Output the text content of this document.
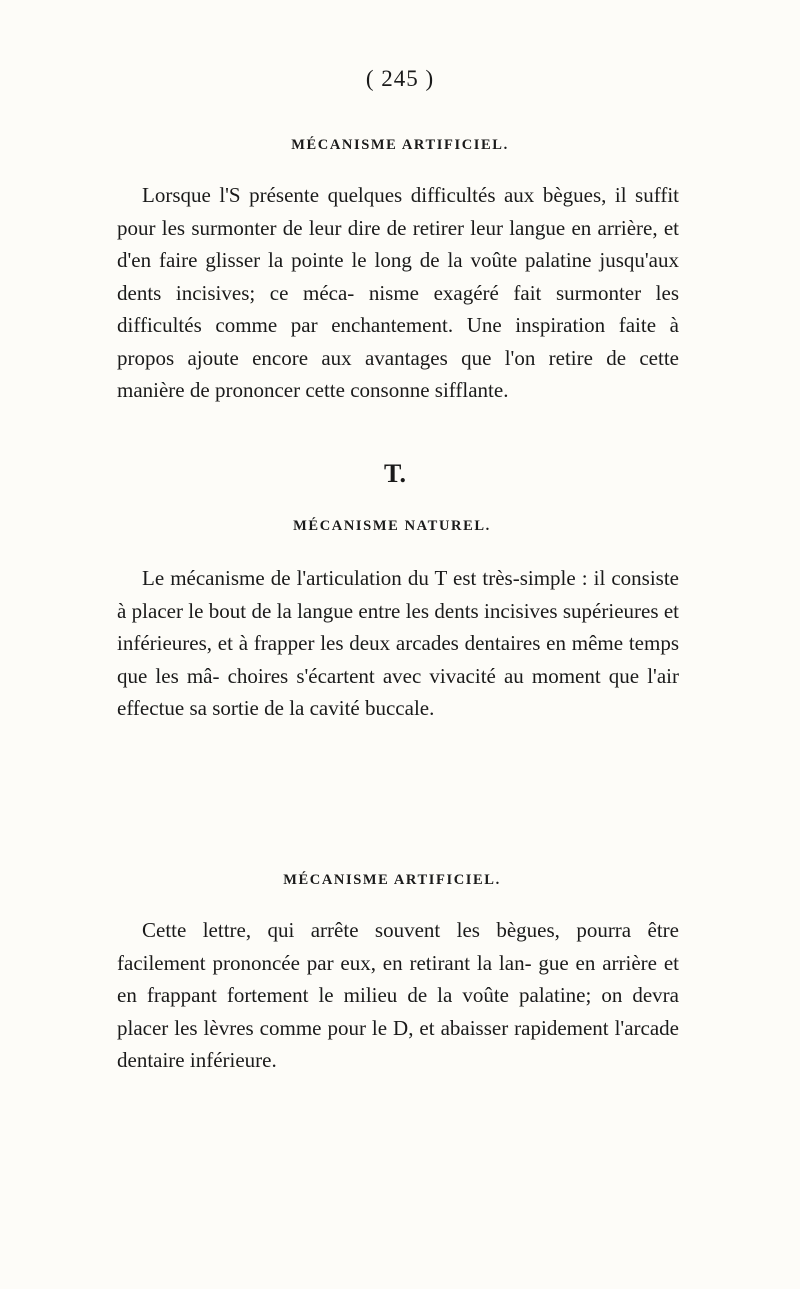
( 245 )
MÉCANISME ARTIFICIEL.

Lorsque l'S présente quelques difficultés aux bègues, il suffit pour les surmonter de leur dire de retirer leur langue en arrière, et d'en faire glisser la pointe le long de la voûte palatine jusqu'aux dents incisives; ce méca- nisme exagéré fait surmonter les difficultés comme par enchantement. Une inspiration faite à propos ajoute encore aux avantages que l'on retire de cette manière de prononcer cette consonne sifflante.

T.
MÉCANISME NATUREL.

Le mécanisme de l'articulation du T est très-simple : il consiste à placer le bout de la langue entre les dents incisives supérieures et inférieures, et à frapper les deux arcades dentaires en même temps que les mâ- choires s'écartent avec vivacité au moment que l'air effectue sa sortie de la cavité buccale.

MÉCANISME ARTIFICIEL.

Cette lettre, qui arrête souvent les bègues, pourra être facilement prononcée par eux, en retirant la lan- gue en arrière et en frappant fortement le milieu de la voûte palatine; on devra placer les lèvres comme pour le D, et abaisser rapidement l'arcade dentaire inférieure.
